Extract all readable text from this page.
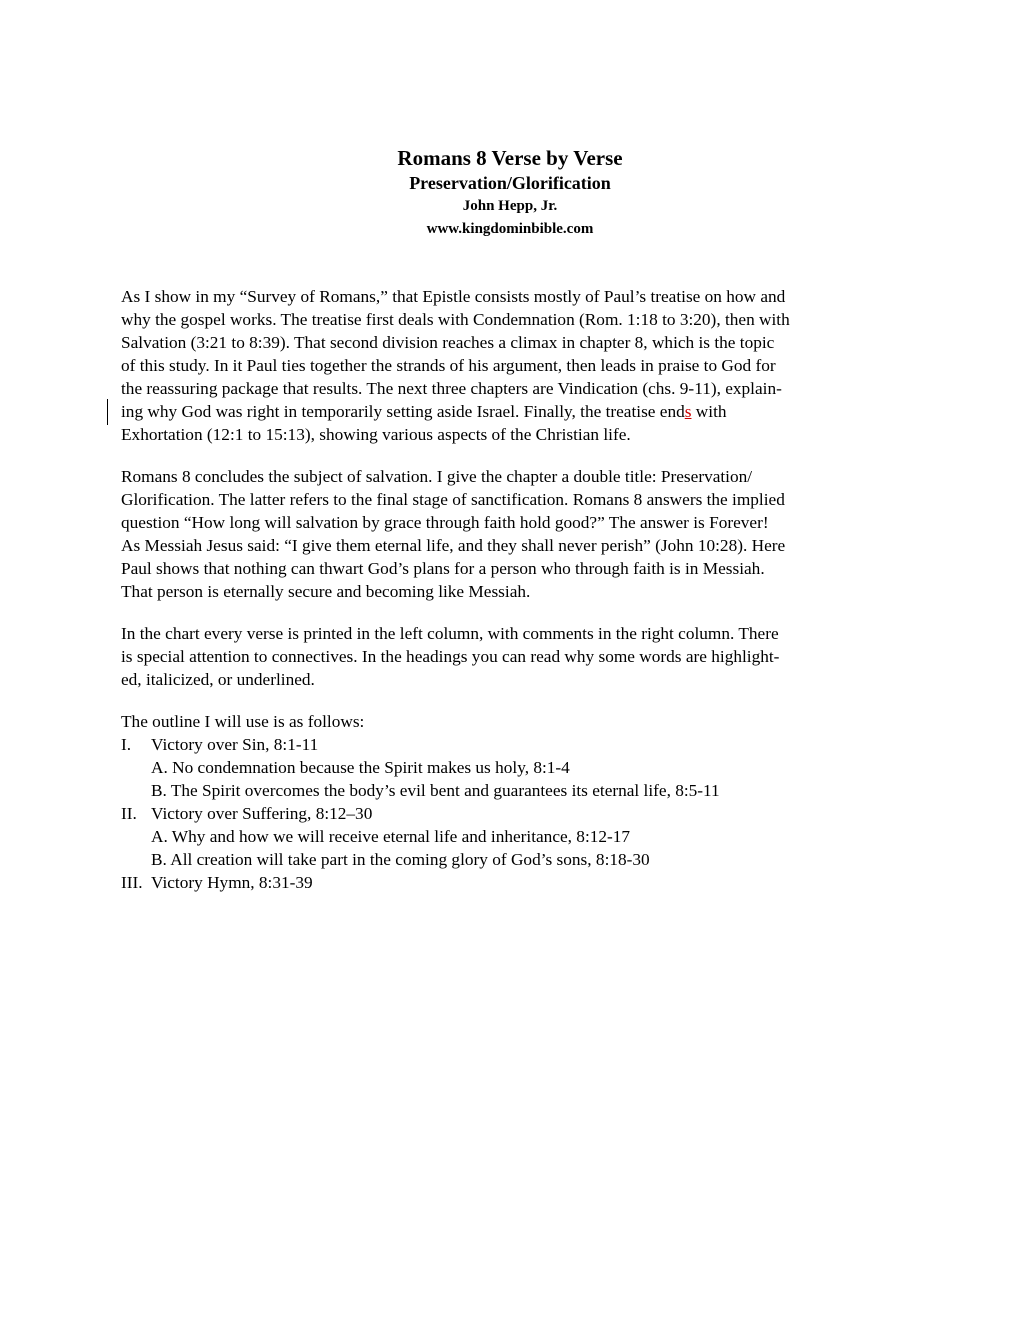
Romans 8 Verse by Verse
Preservation/Glorification
John Hepp, Jr.
www.kingdominbible.com
As I show in my “Survey of Romans,” that Epistle consists mostly of Paul’s treatise on how and
why the gospel works. The treatise first deals with Condemnation (Rom. 1:18 to 3:20), then with
Salvation (3:21 to 8:39). That second division reaches a climax in chapter 8, which is the topic
of this study. In it Paul ties together the strands of his argument, then leads in praise to God for
the reassuring package that results. The next three chapters are Vindication (chs. 9-11), explain-
ing why God was right in temporarily setting aside Israel. Finally, the treatise ends with
Exhortation (12:1 to 15:13), showing various aspects of the Christian life.
Romans 8 concludes the subject of salvation. I give the chapter a double title: Preservation/
Glorification. The latter refers to the final stage of sanctification. Romans 8 answers the implied
question “How long will salvation by grace through faith hold good?” The answer is Forever!
As Messiah Jesus said: “I give them eternal life, and they shall never perish” (John 10:28). Here
Paul shows that nothing can thwart God’s plans for a person who through faith is in Messiah.
That person is eternally secure and becoming like Messiah.
In the chart every verse is printed in the left column, with comments in the right column. There
is special attention to connectives. In the headings you can read why some words are highlight-
ed, italicized, or underlined.
The outline I will use is as follows:
I. Victory over Sin, 8:1-11
A. No condemnation because the Spirit makes us holy, 8:1-4
B. The Spirit overcomes the body’s evil bent and guarantees its eternal life, 8:5-11
II. Victory over Suffering, 8:12–30
A. Why and how we will receive eternal life and inheritance, 8:12-17
B. All creation will take part in the coming glory of God’s sons, 8:18-30
III. Victory Hymn, 8:31-39
